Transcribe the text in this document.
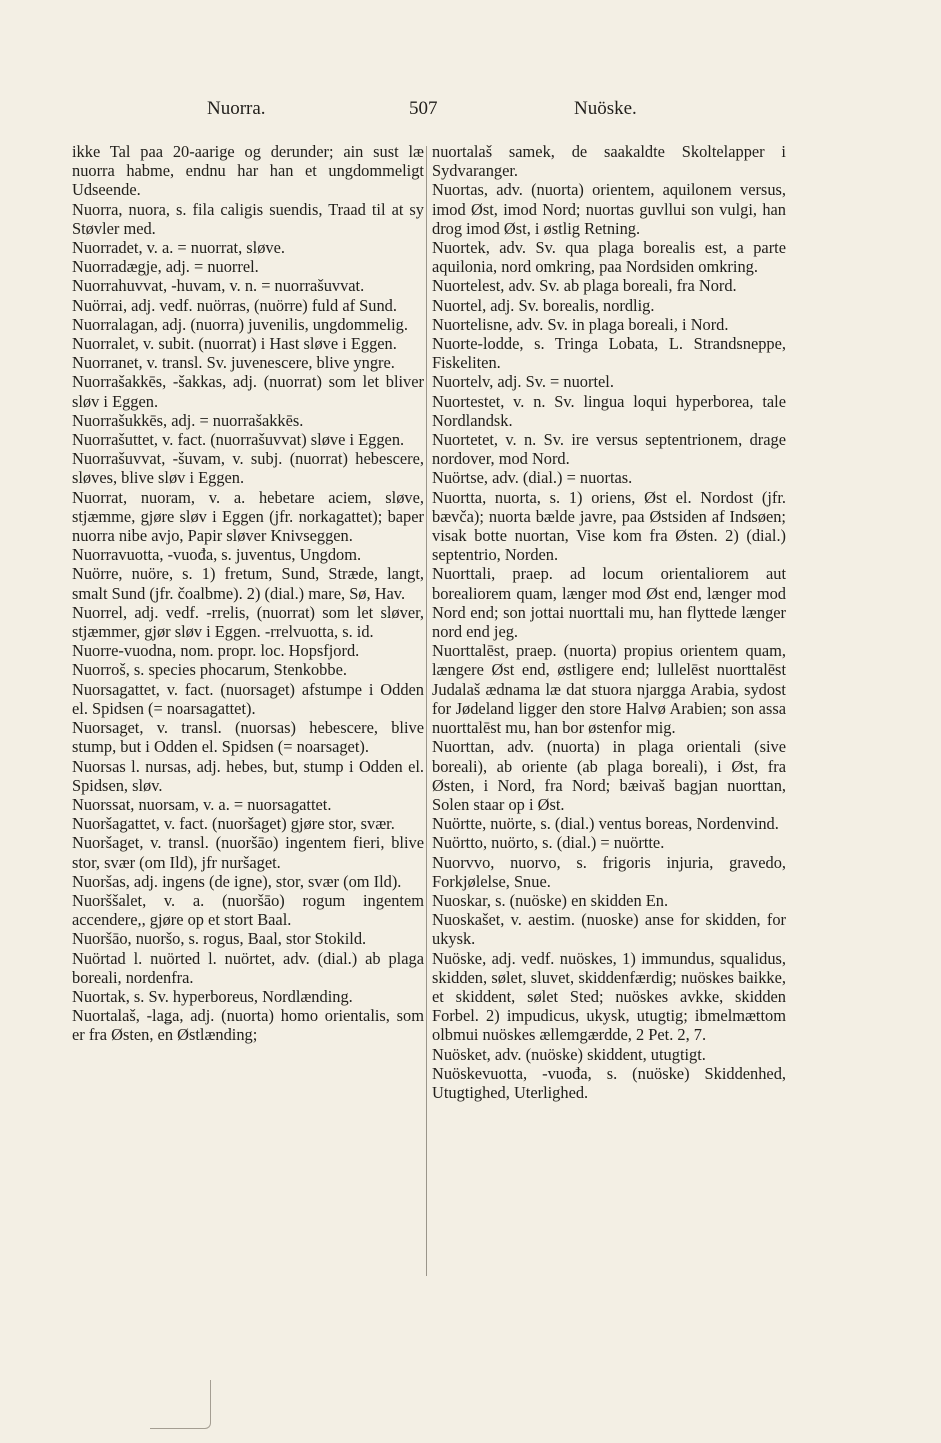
Nuorra.	507	Nuöske.
ikke Tal paa 20-aarige og derunder; ain sust læ nuorra habme, endnu har han et ungdommeligt Udseende.
Nuorra, nuora, s. fila caligis suendis, Traad til at sy Støvler med.
Nuorradet, v. a. = nuorrat, sløve.
Nuorradægje, adj. = nuorrel.
Nuorrahuvvat, -huvam, v. n. = nuorrašuvvat.
Nuörrai, adj. vedf. nuörras, (nuörre) fuld af Sund.
Nuorralagan, adj. (nuorra) juvenilis, ungdommelig.
Nuorralet, v. subit. (nuorrat) i Hast sløve i Eggen.
Nuorranet, v. transl. Sv. juvenescere, blive yngre.
Nuorrašakkēs, -šakkas, adj. (nuorrat) som let bliver sløv i Eggen.
Nuorrašukkēs, adj. = nuorrašakkēs.
Nuorrašuttet, v. fact. (nuorrašuvvat) sløve i Eggen.
Nuorrašuvvat, -šuvam, v. subj. (nuorrat) hebescere, sløves, blive sløv i Eggen.
Nuorrat, nuoram, v. a. hebetare aciem, sløve, stjæmme, gjøre sløv i Eggen (jfr. norkagattet); baper nuorra nibe avjo, Papir sløver Knivseggen.
Nuorravuotta, -vuođa, s. juventus, Ungdom.
Nuörre, nuöre, s. 1) fretum, Sund, Stræde, langt, smalt Sund (jfr. čoalbme). 2) (dial.) mare, Sø, Hav.
Nuorrel, adj. vedf. -rrelis, (nuorrat) som let sløver, stjæmmer, gjør sløv i Eggen. -rrelvuotta, s. id.
Nuorre-vuodna, nom. propr. loc. Hopsfjord.
Nuorroš, s. species phocarum, Stenkobbe.
Nuorsagattet, v. fact. (nuorsaget) afstumpe i Odden el. Spidsen (= noarsagattet).
Nuorsaget, v. transl. (nuorsas) hebescere, blive stump, but i Odden el. Spidsen (= noarsaget).
Nuorsas l. nursas, adj. hebes, but, stump i Odden el. Spidsen, sløv.
Nuorssat, nuorsam, v. a. = nuorsagattet.
Nuoršagattet, v. fact. (nuoršaget) gjøre stor, svær.
Nuoršaget, v. transl. (nuoršāo) ingentem fieri, blive stor, svær (om Ild), jfr nuršaget.
Nuoršas, adj. ingens (de igne), stor, svær (om Ild).
Nuorššalet, v. a. (nuoršāo) rogum ingentem accendere,, gjøre op et stort Baal.
Nuoršāo, nuoršo, s. rogus, Baal, stor Stokild.
Nuörtad l. nuörted l. nuörtet, adv. (dial.) ab plaga boreali, nordenfra.
Nuortak, s. Sv. hyperboreus, Nordlænding.
Nuortalaš, -laǥa, adj. (nuorta) homo orientalis, som er fra Østen, en Østlænding;
nuortalaš samek, de saakaldte Skoltelapper i Sydvaranger.
Nuortas, adv. (nuorta) orientem, aquilonem versus, imod Øst, imod Nord; nuortas guvllui son vulgi, han drog imod Øst, i østlig Retning.
Nuortek, adv. Sv. qua plaga borealis est, a parte aquilonia, nord omkring, paa Nordsiden omkring.
Nuortelest, adv. Sv. ab plaga boreali, fra Nord.
Nuortel, adj. Sv. borealis, nordlig.
Nuortelisne, adv. Sv. in plaga boreali, i Nord.
Nuorte-lodde, s. Tringa Lobata, L. Strandsneppe, Fiskeliten.
Nuortelv, adj. Sv. = nuortel.
Nuortestet, v. n. Sv. lingua loqui hyperborea, tale Nordlandsk.
Nuortetet, v. n. Sv. ire versus septentrionem, drage nordover, mod Nord.
Nuörtse, adv. (dial.) = nuortas.
Nuortta, nuorta, s. 1) oriens, Øst el. Nordost (jfr. bævča); nuorta bælde javre, paa Østsiden af Indsøen; visak botte nuortan, Vise kom fra Østen. 2) (dial.) septentrio, Norden.
Nuorttali, praep. ad locum orientaliorem aut borealiorem quam, længer mod Øst end, længer mod Nord end; son jottai nuorttali mu, han flyttede længer nord end jeg.
Nuorttalēst, praep. (nuorta) propius orientem quam, længere Øst end, østligere end; lullelēst nuorttalēst Judalaš ædnama læ dat stuora njargga Arabia, sydost for Jødeland ligger den store Halvø Arabien; son assa nuorttalēst mu, han bor østenfor mig.
Nuorttan, adv. (nuorta) in plaga orientali (sive boreali), ab oriente (ab plaga boreali), i Øst, fra Østen, i Nord, fra Nord; bæivaš bagjan nuorttan, Solen staar op i Øst.
Nuörtte, nuörte, s. (dial.) ventus boreas, Nordenvind.
Nuörtto, nuörto, s. (dial.) = nuörtte.
Nuorvvo, nuorvo, s. frigoris injuria, gravedo, Forkjølelse, Snue.
Nuoskar, s. (nuöske) en skidden En.
Nuoskašet, v. aestim. (nuoske) anse for skidden, for ukysk.
Nuöske, adj. vedf. nuöskes, 1) immundus, squalidus, skidden, sølet, sluvet, skiddenfærdig; nuöskes baikke, et skiddent, sølet Sted; nuöskes avkke, skidden Forbel. 2) impudicus, ukysk, utugtig; ibmelmættom olbmui nuöskes ællemgærdde, 2 Pet. 2, 7.
Nuösket, adv. (nuöske) skiddent, utugtigt.
Nuöskevuotta, -vuođa, s. (nuöske) Skiddenhed, Utugtighed, Uterlighed.
